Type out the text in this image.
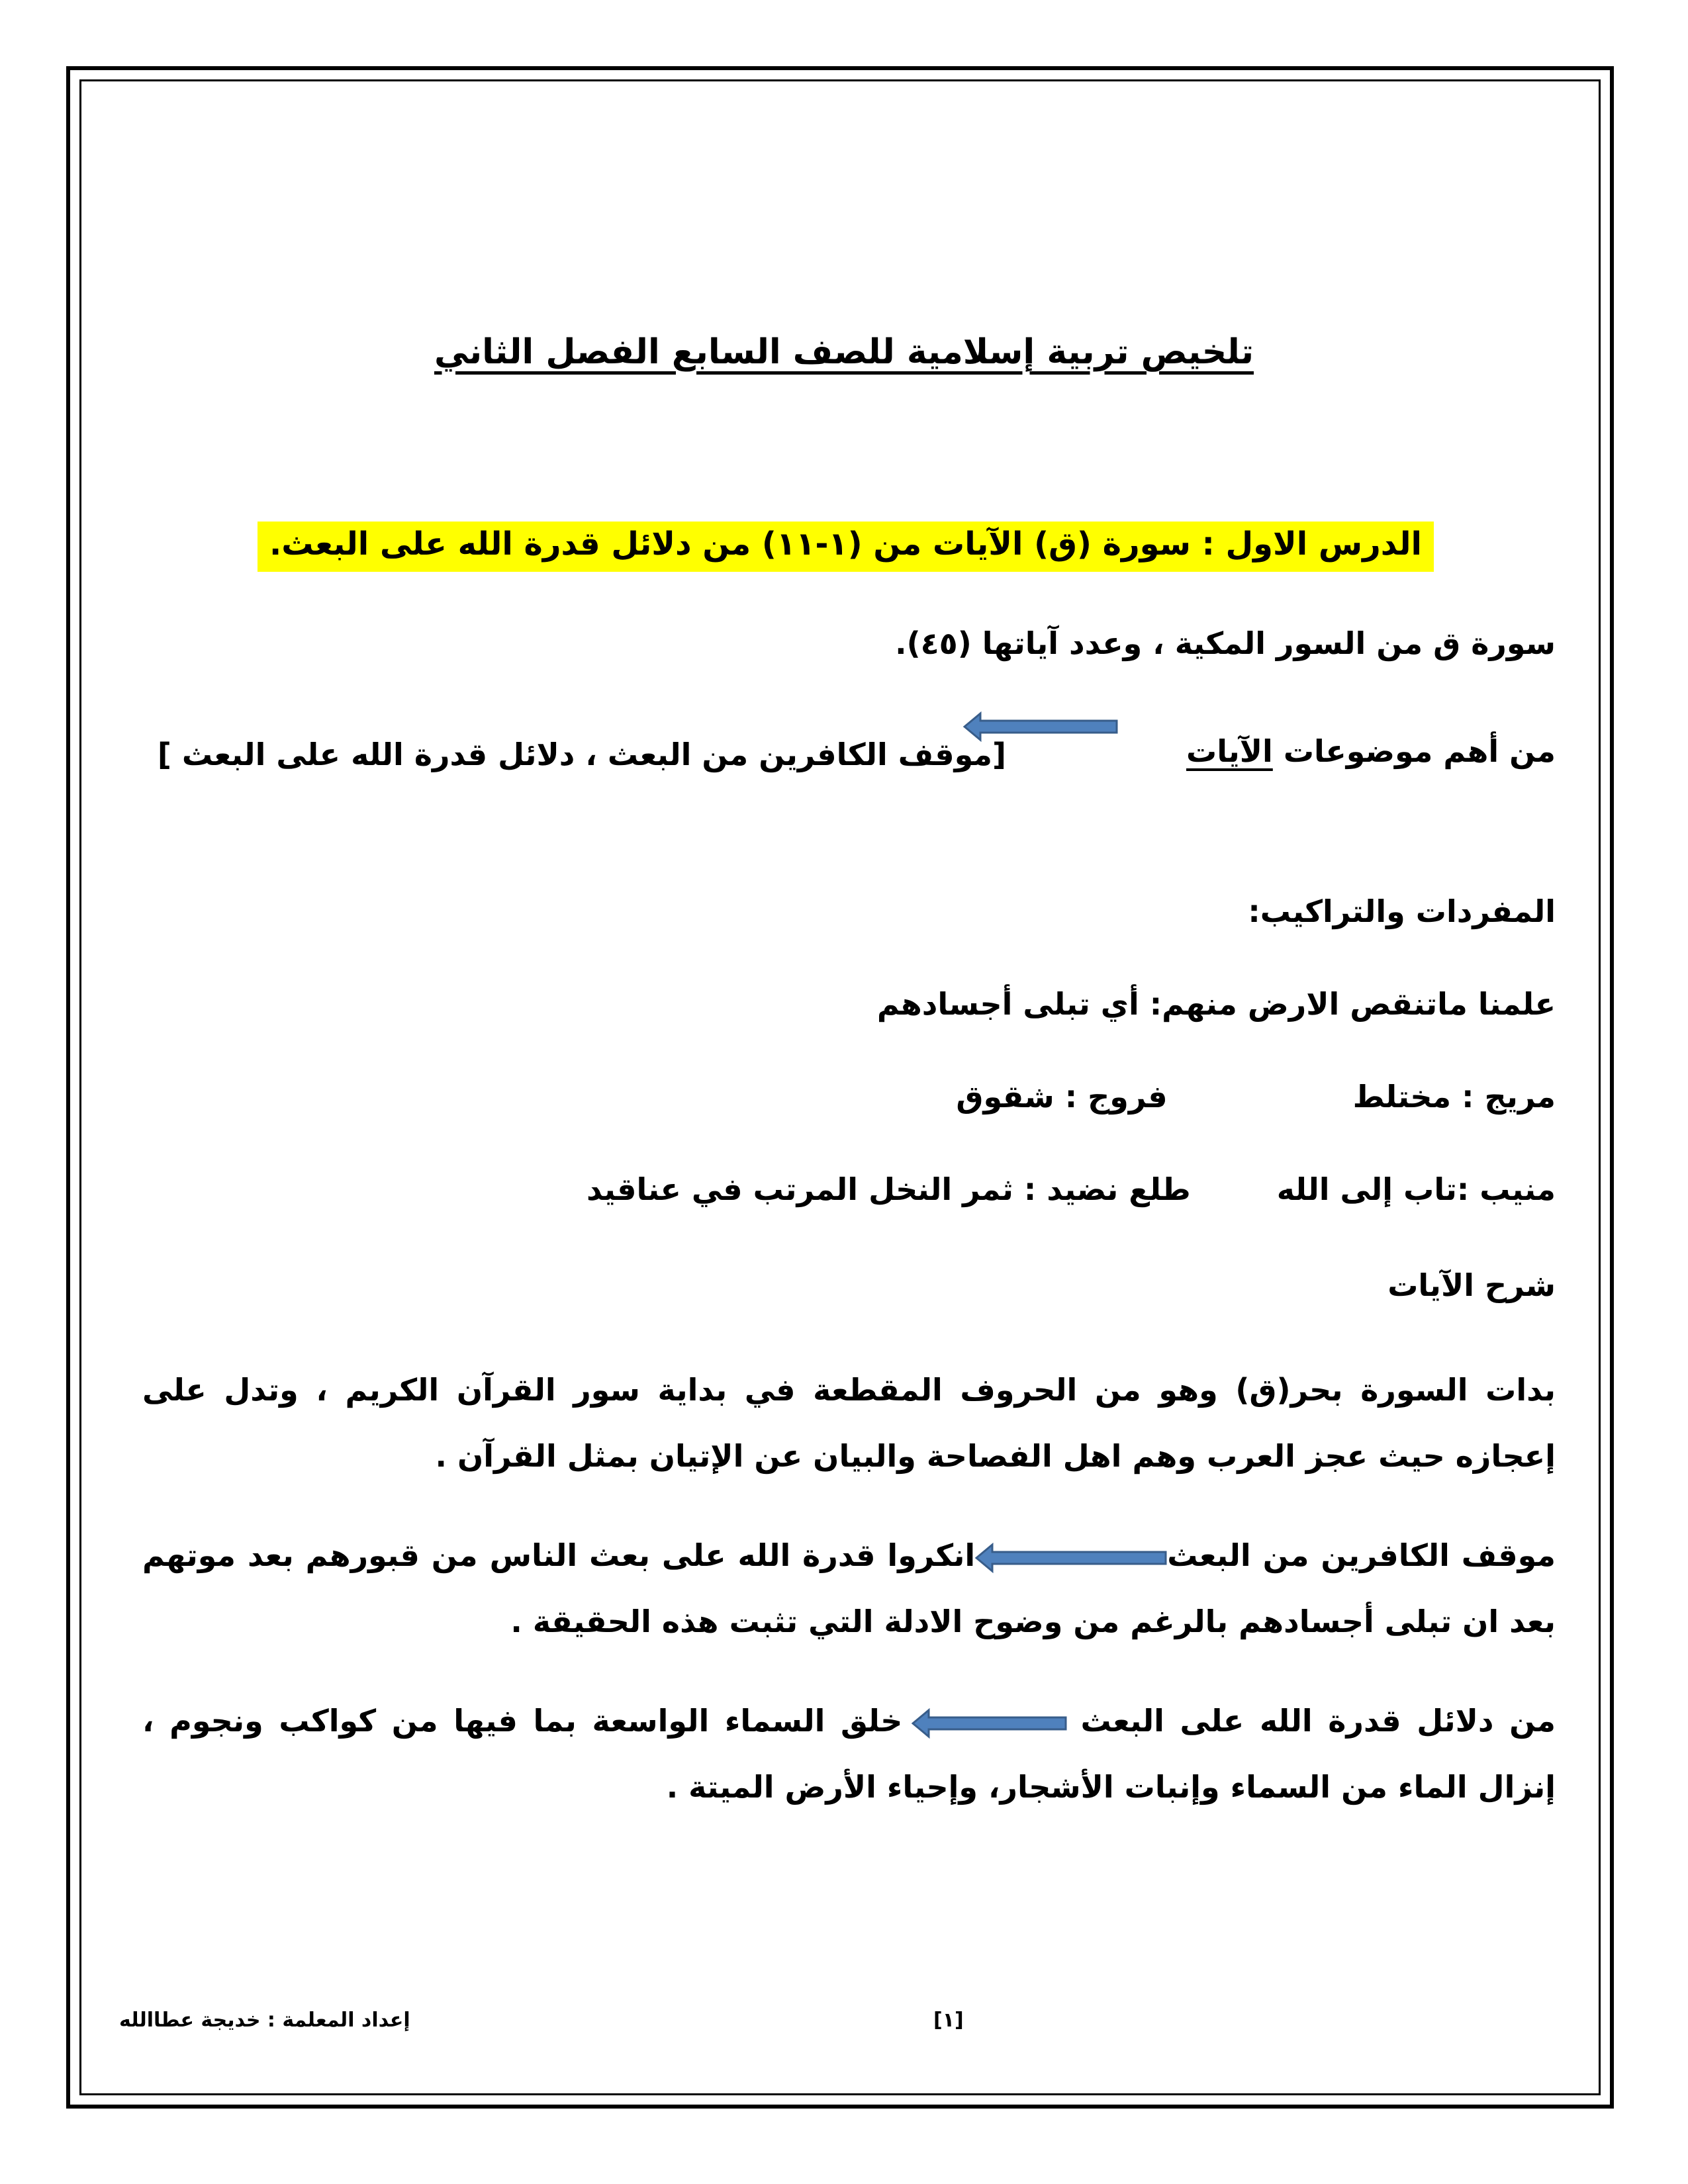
تلخيص تربية إسلامية للصف السابع الفصل الثاني
الدرس الاول : سورة (ق) الآيات من (١-١١) من دلائل قدرة الله على البعث.
سورة ق من السور المكية ، وعدد آياتها (٤٥).
من أهم موضوعات الآيات
[موقف الكافرين من البعث ، دلائل قدرة الله على البعث ]
المفردات والتراكيب:
علمنا ماتنقص الارض منهم: أي تبلى أجسادهم
مريج : مختلطفروج : شقوق
منيب :تاب إلى اللهطلع نضيد : ثمر النخل المرتب في عناقيد
شرح الآيات
بدات السورة بحر(ق) وهو من الحروف المقطعة في بداية سور القرآن الكريم ، وتدل على إعجازه حيث عجز العرب وهم اهل الفصاحة والبيان عن الإتيان بمثل القرآن .
موقف الكافرين من البعثانكروا قدرة الله على بعث الناس من قبورهم بعد موتهم بعد ان تبلى أجسادهم بالرغم من وضوح الادلة التي تثبت هذه الحقيقة .
من دلائل قدرة الله على البعثخلق السماء الواسعة بما فيها من كواكب ونجوم ، إنزال الماء من السماء وإنبات الأشجار، وإحياء الأرض الميتة .
إعداد المعلمة : خديجة عطاالله	[١]
